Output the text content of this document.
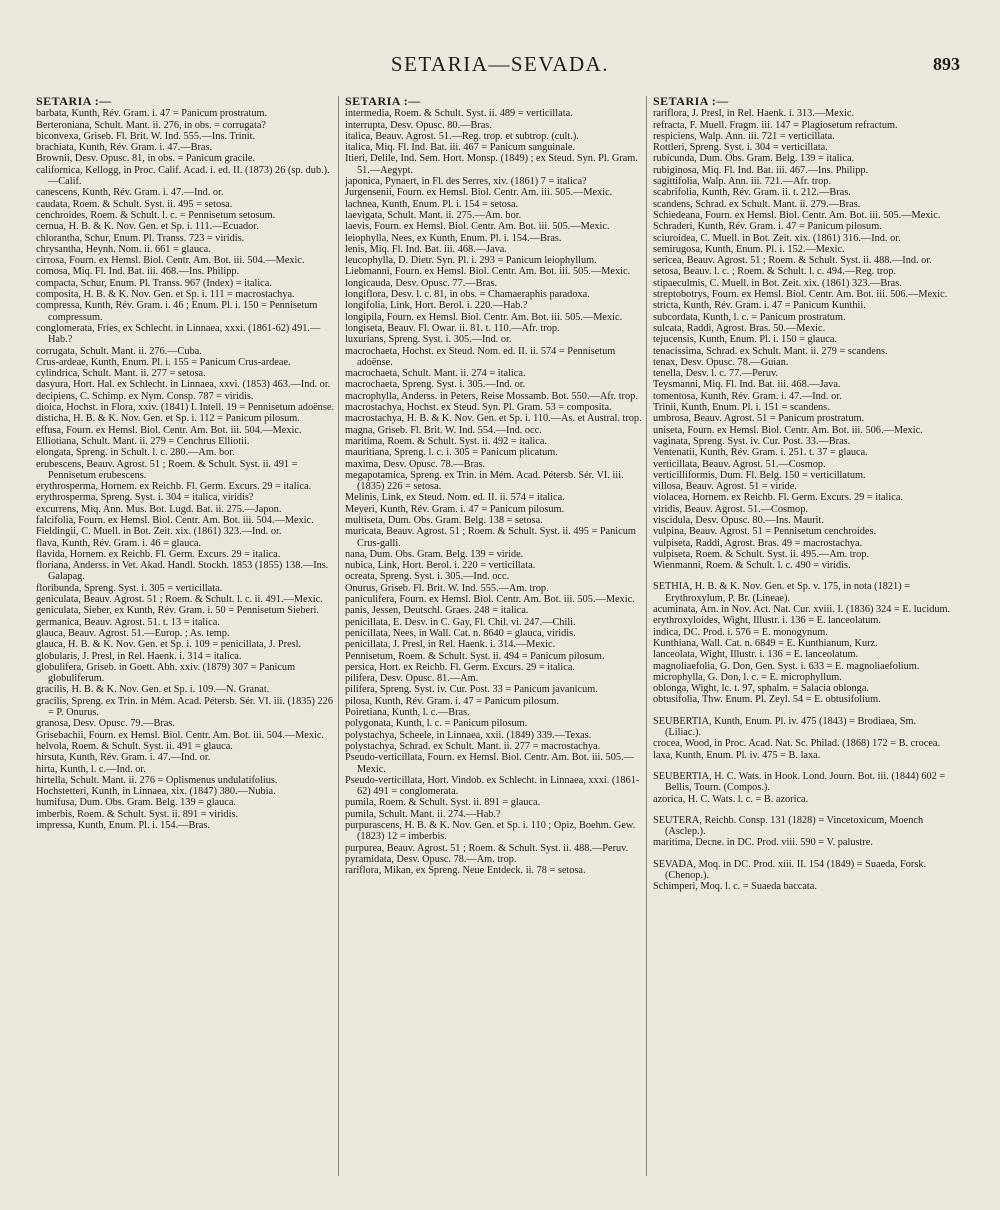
SETARIA—SEVADA.	893
SETARIA :—
barbata, Kunth, Rév. Gram. i. 47 = Panicum prostratum.
Berteroniana, Schult. Mant. ii. 276, in obs. = corrugata?
biconvexa, Griseb. Fl. Brit. W. Ind. 555.—Ins. Trinit.
brachiata, Kunth, Rév. Gram. i. 47.—Bras.
Brownii, Desv. Opusc. 81, in obs. = Panicum gracile.
californica, Kellogg, in Proc. Calif. Acad. i. ed. II. (1873) 26 (sp. dub.).—Calif.
canescens, Kunth, Rév. Gram. i. 47.—Ind. or.
caudata, Roem. & Schult. Syst. ii. 495 = setosa.
cenchroides, Roem. & Schult. l. c. = Pennisetum setosum.
cernua, H. B. & K. Nov. Gen. et Sp. i. 111.—Ecuador.
chlorantha, Schur, Enum. Pl. Transs. 723 = viridis.
chrysantha, Heynh. Nom. ii. 661 = glauca.
cirrosa, Fourn. ex Hemsl. Biol. Centr. Am. Bot. iii. 504.—Mexic.
comosa, Miq. Fl. Ind. Bat. iii. 468.—Ins. Philipp.
compacta, Schur, Enum. Pl. Transs. 967 (Index) = italica.
composita, H. B. & K. Nov. Gen. et Sp. i. 111 = macrostachya.
compressa, Kunth, Rév. Gram. i. 46 ; Enum. Pl. i. 150 = Pennisetum compressum.
conglomerata, Fries, ex Schlecht. in Linnaea, xxxi. (1861-62) 491.—Hab.?
corrugata, Schult. Mant. ii. 276.—Cuba.
Crus-ardeae, Kunth, Enum. Pl. i. 155 = Panicum Crus-ardeae.
cylindrica, Schult. Mant. ii. 277 = setosa.
dasyura, Hort. Hal. ex Schlecht. in Linnaea, xxvi. (1853) 463.—Ind. or.
decipiens, C. Schimp. ex Nym. Consp. 787 = viridis.
dioica, Hochst. in Flora, xxiv. (1841) I. Intell. 19 = Pennisetum adoënse.
disticha, H. B. & K. Nov. Gen. et Sp. i. 112 = Panicum pilosum.
effusa, Fourn. ex Hemsl. Biol. Centr. Am. Bot. iii. 504.—Mexic.
Elliotiana, Schult. Mant. ii. 279 = Cenchrus Elliotii.
elongata, Spreng. in Schult. l. c. 280.—Am. bor.
erubescens, Beauv. Agrost. 51 ; Roem. & Schult. Syst. ii. 491 = Pennisetum erubescens.
erythrosperma, Hornem. ex Reichb. Fl. Germ. Excurs. 29 = italica.
erythrosperma, Spreng. Syst. i. 304 = italica, viridis?
excurrens, Miq. Ann. Mus. Bot. Lugd. Bat. ii. 275.—Japon.
falcifolia, Fourn. ex Hemsl. Biol. Centr. Am. Bot. iii. 504.—Mexic.
Fieldingii, C. Muell. in Bot. Zeit. xix. (1861) 323.—Ind. or.
flava, Kunth, Rév. Gram. i. 46 = glauca.
flavida, Hornem. ex Reichb. Fl. Germ. Excurs. 29 = italica.
floriana, Anderss. in Vet. Akad. Handl. Stockh. 1853 (1855) 138.—Ins. Galapag.
floribunda, Spreng. Syst. i. 305 = verticillata.
geniculata, Beauv. Agrost. 51 ; Roem. & Schult. l. c. ii. 491.—Mexic.
geniculata, Sieber, ex Kunth, Rév. Gram. i. 50 = Pennisetum Sieberi.
germanica, Beauv. Agrost. 51. t. 13 = italica.
glauca, Beauv. Agrost. 51.—Europ. ; As. temp.
glauca, H. B. & K. Nov. Gen. et Sp. i. 109 = penicillata, J. Presl.
globularis, J. Presl, in Rel. Haenk. i. 314 = italica.
globulifera, Griseb. in Goett. Abh. xxiv. (1879) 307 = Panicum globuliferum.
gracilis, H. B. & K. Nov. Gen. et Sp. i. 109.—N. Granat.
gracilis, Spreng. ex Trin. in Mém. Acad. Pétersb. Sér. VI. iii. (1835) 226 = P. Onurus.
granosa, Desv. Opusc. 79.—Bras.
Grisebachii, Fourn. ex Hemsl. Biol. Centr. Am. Bot. iii. 504.—Mexic.
helvola, Roem. & Schult. Syst. ii. 491 = glauca.
hirsuta, Kunth, Rév. Gram. i. 47.—Ind. or.
hirta, Kunth, l. c.—Ind. or.
hirtella, Schult. Mant. ii. 276 = Oplismenus undulatifolius.
Hochstetteri, Kunth, in Linnaea, xix. (1847) 380.—Nubia.
humifusa, Dum. Obs. Gram. Belg. 139 = glauca.
imberbis, Roem. & Schult. Syst. ii. 891 = viridis.
impressa, Kunth, Enum. Pl. i. 154.—Bras.
SETARIA :—
intermedia, Roem. & Schult. Syst. ii. 489 = verticillata.
interrupta, Desv. Opusc. 80.—Bras.
italica, Beauv. Agrost. 51.—Reg. trop. et subtrop. (cult.).
italica, Miq. Fl. Ind. Bat. iii. 467 = Panicum sanguinale.
Itieri, Delile, Ind. Sem. Hort. Monsp. (1849) ; ex Steud. Syn. Pl. Gram. 51.—Aegypt.
japonica, Pynaert, in Fl. des Serres, xiv. (1861) 7 = italica?
Jurgensenii, Fourn. ex Hemsl. Biol. Centr. Am. iii. 505.—Mexic.
lachnea, Kunth, Enum. Pl. i. 154 = setosa.
laevigata, Schult. Mant. ii. 275.—Am. bor.
laevis, Fourn. ex Hemsl. Biol. Centr. Am. Bot. iii. 505.—Mexic.
leiophylla, Nees, ex Kunth, Enum. Pl. i. 154.—Bras.
lenis, Miq. Fl. Ind. Bat. iii. 468.—Java.
leucophylla, D. Dietr. Syn. Pl. i. 293 = Panicum leiophyllum.
Liebmanni, Fourn. ex Hemsl. Biol. Centr. Am. Bot. iii. 505.—Mexic.
longicauda, Desv. Opusc. 77.—Bras.
longiflora, Desv. l. c. 81, in obs. = Chamaeraphis paradoxa.
longifolia, Link, Hort. Berol. i. 220.—Hab.?
longipila, Fourn. ex Hemsl. Biol. Centr. Am. Bot. iii. 505.—Mexic.
longiseta, Beauv. Fl. Owar. ii. 81. t. 110.—Afr. trop.
luxurians, Spreng. Syst. i. 305.—Ind. or.
macrochaeta, Hochst. ex Steud. Nom. ed. II. ii. 574 = Pennisetum adoënse.
macrochaeta, Schult. Mant. ii. 274 = italica.
macrochaeta, Spreng. Syst. i. 305.—Ind. or.
macrophylla, Anderss. in Peters, Reise Mossamb. Bot. 550.—Afr. trop.
macrostachya, Hochst. ex Steud. Syn. Pl. Gram. 53 = composita.
macrostachya, H. B. & K. Nov. Gen. et Sp. i. 110.—As. et Austral. trop.
magna, Griseb. Fl. Brit. W. Ind. 554.—Ind. occ.
maritima, Roem. & Schult. Syst. ii. 492 = italica.
mauritiana, Spreng. l. c. i. 305 = Panicum plicatum.
maxima, Desv. Opusc. 78.—Bras.
megapotamica, Spreng. ex Trin. in Mém. Acad. Pétersb. Sér. VI. iii. (1835) 226 = setosa.
Melinis, Link, ex Steud. Nom. ed. II. ii. 574 = italica.
Meyeri, Kunth, Rév. Gram. i. 47 = Panicum pilosum.
multiseta, Dum. Obs. Gram. Belg. 138 = setosa.
muricata, Beauv. Agrost. 51 ; Roem. & Schult. Syst. ii. 495 = Panicum Crus-galli.
nana, Dum. Obs. Gram. Belg. 139 = viride.
nubica, Link, Hort. Berol. i. 220 = verticillata.
ocreata, Spreng. Syst. i. 305.—Ind. occ.
Onurus, Griseb. Fl. Brit. W. Ind. 555.—Am. trop.
paniculifera, Fourn. ex Hemsl. Biol. Centr. Am. Bot. iii. 505.—Mexic.
panis, Jessen, Deutschl. Graes. 248 = italica.
penicillata, E. Desv. in C. Gay, Fl. Chil. vi. 247.—Chili.
penicillata, Nees, in Wall. Cat. n. 8640 = glauca, viridis.
penicillata, J. Presl, in Rel. Haenk. i. 314.—Mexic.
Pennisetum, Roem. & Schult. Syst. ii. 494 = Panicum pilosum.
persica, Hort. ex Reichb. Fl. Germ. Excurs. 29 = italica.
pilifera, Desv. Opusc. 81.—Am.
pilifera, Spreng. Syst. iv. Cur. Post. 33 = Panicum javanicum.
pilosa, Kunth, Rév. Gram. i. 47 = Panicum pilosum.
Poiretiana, Kunth, l. c.—Bras.
polygonata, Kunth, l. c. = Panicum pilosum.
polystachya, Scheele, in Linnaea, xxii. (1849) 339.—Texas.
polystachya, Schrad. ex Schult. Mant. ii. 277 = macrostachya.
Pseudo-verticillata, Fourn. ex Hemsl. Biol. Centr. Am. Bot. iii. 505.—Mexic.
Pseudo-verticillata, Hort. Vindob. ex Schlecht. in Linnaea, xxxi. (1861-62) 491 = conglomerata.
pumila, Roem. & Schult. Syst. ii. 891 = glauca.
pumila, Schult. Mant. ii. 274.—Hab.?
purpurascens, H. B. & K. Nov. Gen. et Sp. i. 110 ; Opiz, Boehm. Gew. (1823) 12 = imberbis.
purpurea, Beauv. Agrost. 51 ; Roem. & Schult. Syst. ii. 488.—Peruv.
pyramidata, Desv. Opusc. 78.—Am. trop.
rariflora, Mikan, ex Spreng. Neue Entdeck. ii. 78 = setosa.
SETARIA :—
rariflora, J. Presl, in Rel. Haenk. i. 313.—Mexic.
refracta, F. Muell. Fragm. iii. 147 = Plagiosetum refractum.
respiciens, Walp. Ann. iii. 721 = verticillata.
Rottleri, Spreng. Syst. i. 304 = verticillata.
rubicunda, Dum. Obs. Gram. Belg. 139 = italica.
rubiginosa, Miq. Fl. Ind. Bat. iii. 467.—Ins. Philipp.
sagittifolia, Walp. Ann. iii. 721.—Afr. trop.
scabrifolia, Kunth, Rév. Gram. ii. t. 212.—Bras.
scandens, Schrad. ex Schult. Mant. ii. 279.—Bras.
Schiedeana, Fourn. ex Hemsl. Biol. Centr. Am. Bot. iii. 505.—Mexic.
Schraderi, Kunth, Rév. Gram. i. 47 = Panicum pilosum.
sciuroidea, C. Muell. in Bot. Zeit. xix. (1861) 316.—Ind. or.
semirugosa, Kunth, Enum. Pl. i. 152.—Mexic.
sericea, Beauv. Agrost. 51 ; Roem. & Schult. Syst. ii. 488.—Ind. or.
setosa, Beauv. l. c. ; Roem. & Schult. l. c. 494.—Reg. trop.
stipaeculmis, C. Muell. in Bot. Zeit. xix. (1861) 323.—Bras.
streptobotrys, Fourn. ex Hemsl. Biol. Centr. Am. Bot. iii. 506.—Mexic.
stricta, Kunth, Rév. Gram. i. 47 = Panicum Kunthii.
subcordata, Kunth, l. c. = Panicum prostratum.
sulcata, Raddi, Agrost. Bras. 50.—Mexic.
tejucensis, Kunth, Enum. Pl. i. 150 = glauca.
tenacissima, Schrad. ex Schult. Mant. ii. 279 = scandens.
tenax, Desv. Opusc. 78.—Guian.
tenella, Desv. l. c. 77.—Peruv.
Teysmanni, Miq. Fl. Ind. Bat. iii. 468.—Java.
tomentosa, Kunth, Rév. Gram. i. 47.—Ind. or.
Trinii, Kunth, Enum. Pl. i. 151 = scandens.
umbrosa, Beauv. Agrost. 51 = Panicum prostratum.
uniseta, Fourn. ex Hemsl. Biol. Centr. Am. Bot. iii. 506.—Mexic.
vaginata, Spreng. Syst. iv. Cur. Post. 33.—Bras.
Ventenatii, Kunth, Rév. Gram. i. 251. t. 37 = glauca.
verticillata, Beauv. Agrost. 51.—Cosmop.
verticilliformis, Dum. Fl. Belg. 150 = verticillatum.
villosa, Beauv. Agrost. 51 = viride.
violacea, Hornem. ex Reichb. Fl. Germ. Excurs. 29 = italica.
viridis, Beauv. Agrost. 51.—Cosmop.
viscidula, Desv. Opusc. 80.—Ins. Maurit.
vulpina, Beauv. Agrost. 51 = Pennisetum cenchroides.
vulpiseta, Raddi, Agrost. Bras. 49 = macrostachya.
vulpiseta, Roem. & Schult. Syst. ii. 495.—Am. trop.
Wienmanni, Roem. & Schult. l. c. 490 = viridis.
SETHIA, H. B. & K. Nov. Gen. et Sp. v. 175, in nota (1821) = Erythroxylum, P. Br. (Lineae).
acuminata, Arn. in Nov. Act. Nat. Cur. xviii. I. (1836) 324 = E. lucidum.
erythroxyloides, Wight, Illustr. i. 136 = E. lanceolatum.
indica, DC. Prod. i. 576 = E. monogynum.
Kunthiana, Wall. Cat. n. 6849 = E. Kunthianum, Kurz.
lanceolata, Wight, Illustr. i. 136 = E. lanceolatum.
magnoliaefolia, G. Don, Gen. Syst. i. 633 = E. magnoliaefolium.
microphylla, G. Don, l. c. = E. microphyllum.
oblonga, Wight, lc. t. 97, sphalm. = Salacia oblonga.
obtusifolia, Thw. Enum. Pl. Zeyl. 54 = E. obtusifolium.
SEUBERTIA, Kunth, Enum. Pl. iv. 475 (1843) = Brodiaea, Sm. (Liliac.).
crocea, Wood, in Proc. Acad. Nat. Sc. Philad. (1868) 172 = B. crocea.
laxa, Kunth, Enum. Pl. iv. 475 = B. laxa.
SEUBERTIA, H. C. Wats. in Hook. Lond. Journ. Bot. iii. (1844) 602 = Bellis, Tourn. (Compos.).
azorica, H. C. Wats. l. c. = B. azorica.
SEUTERA, Reichb. Consp. 131 (1828) = Vincetoxicum, Moench (Asclep.).
maritima, Decne. in DC. Prod. viii. 590 = V. palustre.
SEVADA, Moq. in DC. Prod. xiii. II. 154 (1849) = Suaeda, Forsk. (Chenop.).
Schimperi, Moq. l. c. = Suaeda baccata.
